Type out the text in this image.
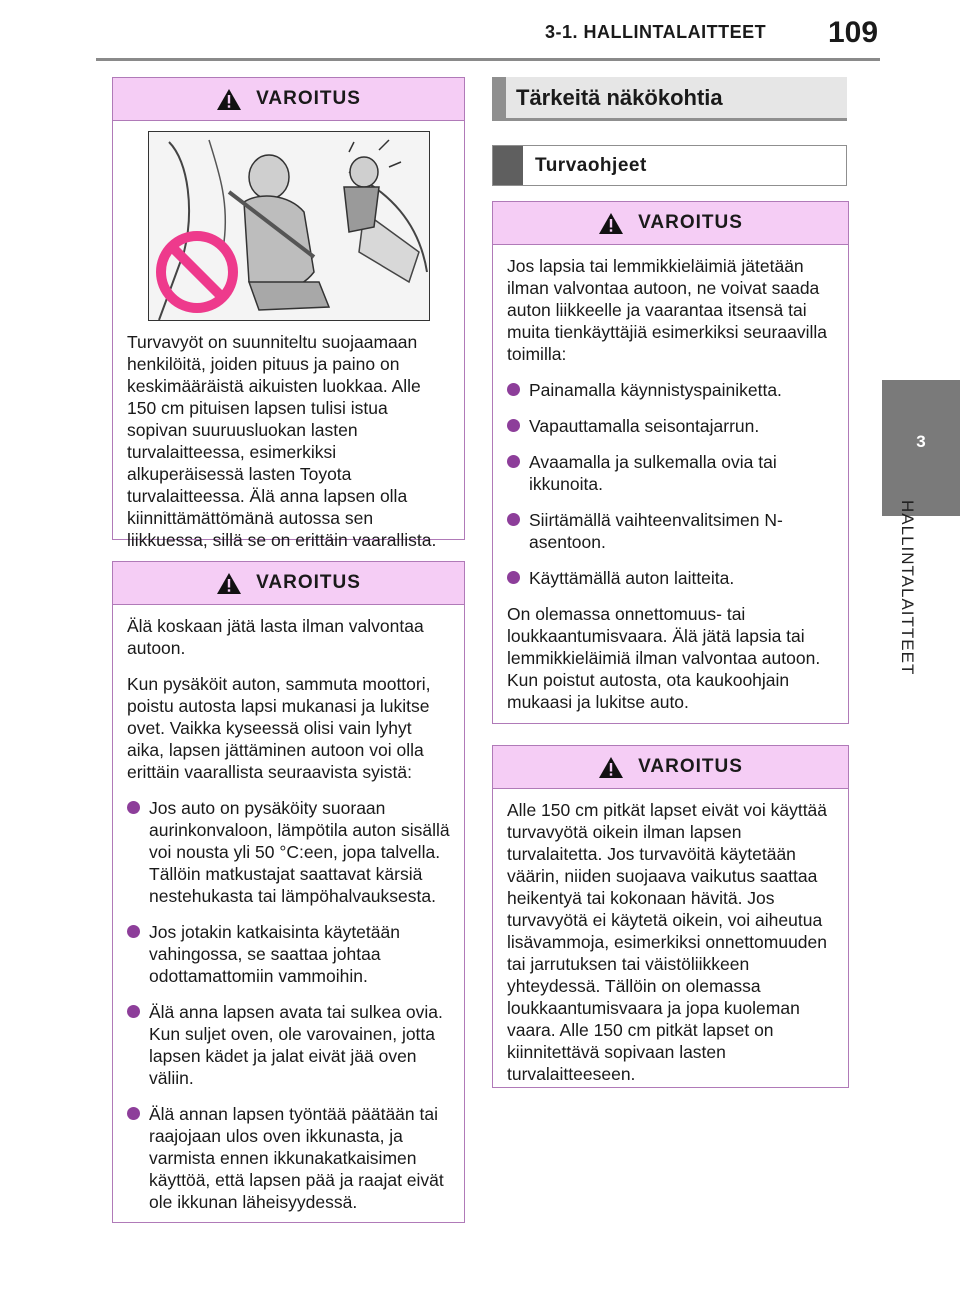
3-1. HALLINTALAITTEET 109
3
HALLINTALAITTEET
VAROITUS

Turvavyöt on suunniteltu suojaamaan henkilöitä, joiden pituus ja paino on keskimääräistä aikuisten luokkaa. Alle 150 cm pituisen lapsen tulisi istua sopivan suuruusluokan lasten turvalaitteessa, esimerkiksi alkuperäisessä lasten Toyota turvalaitteessa. Älä anna lapsen olla kiinnittämättömänä autossa sen liikkuessa, sillä se on erittäin vaarallista.

VAROITUS

Älä koskaan jätä lasta ilman valvontaa autoon.

Kun pysäköit auton, sammuta moottori, poistu autosta lapsi mukanasi ja lukitse ovet. Vaikka kyseessä olisi vain lyhyt aika, lapsen jättäminen autoon voi olla erittäin vaarallista seuraavista syistä:

Jos auto on pysäköity suoraan aurinkonvaloon, lämpötila auton sisällä voi nousta yli 50 °C:een, jopa talvella. Tällöin matkustajat saattavat kärsiä nestehukasta tai lämpöhalvauksesta.
Jos jotakin katkaisinta käytetään vahingossa, se saattaa johtaa odottamattomiin vammoihin.
Älä anna lapsen avata tai sulkea ovia. Kun suljet oven, ole varovainen, jotta lapsen kädet ja jalat eivät jää oven väliin.
Älä annan lapsen työntää päätään tai raajojaan ulos oven ikkunasta, ja varmista ennen ikkunakatkaisimen käyttöä, että lapsen pää ja raajat eivät ole ikkunan läheisyydessä.
Tärkeitä näkökohtia
Turvaohjeet
VAROITUS

Jos lapsia tai lemmikkieläimiä jätetään ilman valvontaa autoon, ne voivat saada auton liikkeelle ja vaarantaa itsensä tai muita tienkäyttäjiä esimerkiksi seuraavilla toimilla:

Painamalla käynnistyspainiketta.
Vapauttamalla seisontajarrun.
Avaamalla ja sulkemalla ovia tai ikkunoita.
Siirtämällä vaihteenvalitsimen N-asentoon.
Käyttämällä auton laitteita.

On olemassa onnettomuus- tai loukkaantumisvaara. Älä jätä lapsia tai lemmikkieläimiä ilman valvontaa autoon. Kun poistut autosta, ota kaukoohjain mukaasi ja lukitse auto.

VAROITUS

Alle 150 cm pitkät lapset eivät voi käyttää turvavyötä oikein ilman lapsen turvalaitetta. Jos turvavöitä käytetään väärin, niiden suojaava vaikutus saattaa heikentyä tai kokonaan hävitä. Jos turvavyötä ei käytetä oikein, voi aiheutua lisävammoja, esimerkiksi onnettomuuden tai jarrutuksen tai väistöliikkeen yhteydessä. Tällöin on olemassa loukkaantumisvaara ja jopa kuoleman vaara. Alle 150 cm pitkät lapset on kiinnitettävä sopivaan lasten turvalaitteeseen.
